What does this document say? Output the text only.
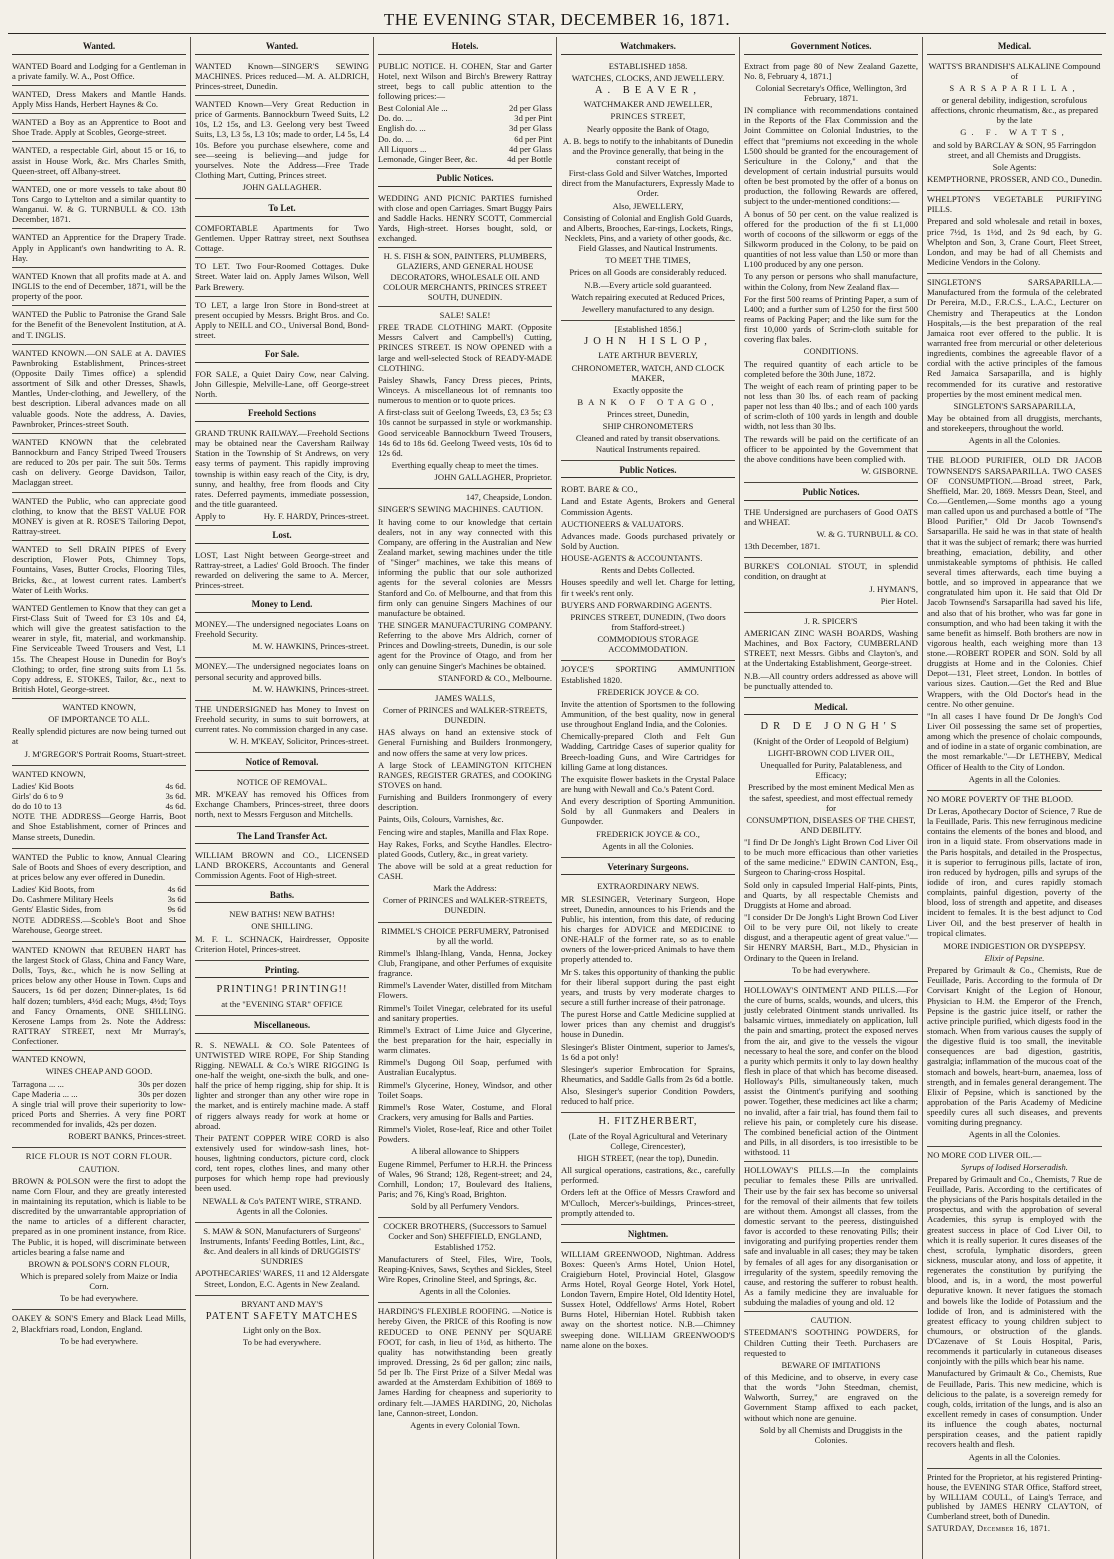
THE EVENING STAR, DECEMBER 16, 1871.
Wanted.
WANTED Board and Lodging for a Gentleman in a private family. W. A., Post Office.
WANTED, Dress Makers and Mantle Hands. Apply Miss Hands, Herbert Haynes & Co.
WANTED a Boy as an Apprentice to Boot and Shoe Trade. Apply at Scobles, George-street.
WANTED, a respectable Girl, about 15 or 16, to assist in House Work, &c. Mrs Charles Smith, Queen-street, off Albany-street.
WANTED, one or more vessels to take about 80 Tons Cargo to Lyttelton and a similar quantity to Wanganui. W. & G. TURNBULL & CO. 13th December, 1871.
WANTED an Apprentice for the Drapery Trade. Apply in Applicant's own handwriting to A. R. Hay.
WANTED Known that all profits made at A. and INGLIS to the end of December, 1871, will be the property of the poor.
WANTED the Public to Patronise the Grand Sale for the Benefit of the Benevolent Institution, at A. and T. INGLIS.
WANTED KNOWN.—ON SALE at A. DAVIES Pawnbroking Establishment, Princes-street (Opposite Daily Times office) a splendid assortment of Silk and other Dresses, Shawls, Mantles, Under-clothing, and Jewellery, of the best description. Liberal advances made on all valuable goods. Note the address, A. Davies, Pawnbroker, Princes-street South.
WANTED KNOWN that the celebrated Bannockburn and Fancy Striped Tweed Trousers are reduced to 20s per pair. The suit 50s. Terms cash on delivery. George Davidson, Tailor, Maclaggan street.
WANTED the Public, who can appreciate good clothing, to know that the BEST VALUE FOR MONEY is given at R. ROSE'S Tailoring Depot, Rattray-street.
WANTED to Sell DRAIN PIPES of Every description, Flower Pots, Chimney Tops, Fountains, Vases, Butter Crocks, Flooring Tiles, Bricks, &c., at lowest current rates. Lambert's Water of Leith Works.
WANTED Gentlemen to Know that they can get a First-Class Suit of Tweed for £3 10s and £4, which will give the greatest satisfaction to the wearer in style, fit, material, and workmanship. Fine Serviceable Tweed Trousers and Vest, L1 15s. The Cheapest House in Dunedin for Boy's Clothing; to order, fine strong suits from L1 5s. Copy address, E. STOKES, Tailor, &c., next to British Hotel, George-street.

WANTED KNOWN,

OF IMPORTANCE TO ALL.

Really splendid pictures are now being turned out at

J. M'GREGOR'S Portrait Rooms, Stuart-street.

WANTED KNOWN,

Ladies' Kid Boots	4s 6d.
Girls' do 6 to 9	3s 6d.
do do 10 to 13	4s 6d.

NOTE THE ADDRESS—George Harris, Boot and Shoe Establishment, corner of Princes and Manse streets, Dunedin.

WANTED the Public to know, Annual Clearing Sale of Boots and Shoes of every description, and at prices below any ever offered in Dunedin.

Ladies' Kid Boots, from	4s 6d
Do. Cashmere Military Heels	3s 6d
Gents' Elastic Sides, from	9s 6d

NOTE ADDRESS.—Scoble's Boot and Shoe Warehouse, George street.

WANTED KNOWN that REUBEN HART has the largest Stock of Glass, China and Fancy Ware, Dolls, Toys, &c., which he is now Selling at prices below any other House in Town. Cups and Saucers, 1s 6d per dozen; Dinner-plates, 1s 6d half dozen; tumblers, 4½d each; Mugs, 4½d; Toys and Fancy Ornaments, ONE SHILLING. Kerosene Lamps from 2s. Note the Address: RATTRAY STREET, next Mr Murray's, Confectioner.

WANTED KNOWN,

WINES CHEAP AND GOOD.

Tarragona ... ...	30s per dozen
Cape Maderia ... ...	30s per dozen

A single trial will prove their superiority to low-priced Ports and Sherries. A very fine PORT recommended for invalids, 42s per dozen.

ROBERT BANKS, Princes-street.

RICE FLOUR IS NOT CORN FLOUR.

CAUTION.

BROWN & POLSON were the first to adopt the name Corn Flour, and they are greatly interested in maintaining its reputation, which is liable to be discredited by the unwarrantable appropriation of the name to articles of a different character, prepared as in one prominent instance, from Rice. The Public, it is hoped, will discriminate between articles bearing a false name and

BROWN & POLSON'S CORN FLOUR,

Which is prepared solely from Maize or India Corn.

To be had everywhere.

OAKEY & SON'S Emery and Black Lead Mills, 2, Blackfriars road, London, England.

To be had everywhere.

Wanted.
WANTED Known—SINGER'S SEWING MACHINES. Prices reduced—M. A. ALDRICH, Princes-street, Dunedin.

WANTED Known—Very Great Reduction in price of Garments. Bannockburn Tweed Suits, L2 10s, L2 15s, and L3. Geelong very best Tweed Suits, L3, L3 5s, L3 10s; made to order, L4 5s, L4 10s. Before you purchase elsewhere, come and see—seeing is believing—and judge for yourselves. Note the Address—Free Trade Clothing Mart, Cutting, Princes street.

JOHN GALLAGHER.

To Let.
COMFORTABLE Apartments for Two Gentlemen. Upper Rattray street, next Southsea Cottage.
TO LET. Two Four-Roomed Cottages. Duke Street. Water laid on. Apply James Wilson, Well Park Brewery.
TO LET, a large Iron Store in Bond-street at present occupied by Messrs. Bright Bros. and Co. Apply to NEILL and CO., Universal Bond, Bond-street.
For Sale.
FOR SALE, a Quiet Dairy Cow, near Calving. John Gillespie, Melville-Lane, off George-street North.
Freehold Sections

GRAND TRUNK RAILWAY.—Freehold Sections may be obtained near the Caversham Railway Station in the Township of St Andrews, on very easy terms of payment. This rapidly improving township is within easy reach of the City, is dry, sunny, and healthy, free from floods and City rates. Deferred payments, immediate possession, and the title guaranteed.

Apply to	Hy. F. HARDY, Princes-street.
Lost.
LOST, Last Night between George-street and Rattray-street, a Ladies' Gold Brooch. The finder rewarded on delivering the same to A. Mercer, Princes-street.
Money to Lend.

MONEY.—The undersigned negociates Loans on Freehold Security.

M. W. HAWKINS, Princes-street.

MONEY.—The undersigned negociates loans on personal security and approved bills.

M. W. HAWKINS, Princes-street.

THE UNDERSIGNED has Money to Invest on Freehold security, in sums to suit borrowers, at current rates. No commission charged in any case.

W. H. M'KEAY, Solicitor, Princes-street.

Notice of Removal.

NOTICE OF REMOVAL.

MR. M'KEAY has removed his Offices from Exchange Chambers, Princes-street, three doors north, next to Messrs Ferguson and Mitchells.

The Land Transfer Act.
WILLIAM BROWN and CO., LICENSED LAND BROKERS, Accountants and General Commission Agents. Foot of High-street.
Baths.

NEW BATHS! NEW BATHS!

ONE SHILLING.

M. F. L. SCHNACK, Hairdresser, Opposite Criterion Hotel, Princes-street.

Printing.

PRINTING! PRINTING!!

at the "EVENING STAR" OFFICE

Miscellaneous.

R. S. NEWALL & CO. Sole Patentees of UNTWISTED WIRE ROPE, For Ship Standing Rigging. NEWALL & Co.'s WIRE RIGGING Is one-half the weight, one-sixth the bulk, and one-half the price of hemp rigging, ship for ship. It is lighter and stronger than any other wire rope in the market, and is entirely machine made. A staff of riggers always ready for work at home or abroad.

Their PATENT COPPER WIRE CORD is also extensively used for window-sash lines, hot-houses, lightning conductors, picture cord, clock cord, tent ropes, clothes lines, and many other purposes for which hemp rope had previously been used.

NEWALL & Co's PATENT WIRE, STRAND. Agents in all the Colonies.

S. MAW & SON, Manufacturers of Surgeons' Instruments, Infants' Feeding Bottles, Lint, &c., &c. And dealers in all kinds of DRUGGISTS' SUNDRIES

APOTHECARIES' WARES, 11 and 12 Aldersgate Street, London, E.C. Agents in New Zealand.

BRYANT AND MAY'S

PATENT SAFETY MATCHES

Light only on the Box.

To be had everywhere.

Hotels.

PUBLIC NOTICE. H. COHEN, Star and Garter Hotel, next Wilson and Birch's Brewery Rattray street, begs to call public attention to the following prices:—

Best Colonial Ale ...	2d per Glass
Do. do. ...	3d per Pint
English do. ...	3d per Glass
Do. do. ...	6d per Pint
All Liquors ...	4d per Glass
Lemonade, Ginger Beer, &c.	4d per Bottle
Public Notices.
WEDDING AND PICNIC PARTIES furnished with close and open Carriages. Smart Buggy Pairs and Saddle Hacks. HENRY SCOTT, Commercial Yards, High-street. Horses bought, sold, or exchanged.
H. S. FISH & SON, PAINTERS, PLUMBERS, GLAZIERS, AND GENERAL HOUSE DECORATORS, WHOLESALE OIL AND COLOUR MERCHANTS, PRINCES STREET SOUTH, DUNEDIN.

SALE! SALE!

FREE TRADE CLOTHING MART. (Opposite Messrs Calvert and Campbell's) Cutting, PRINCES STREET. IS NOW OPENED with a large and well-selected Stock of READY-MADE CLOTHING.

Paisley Shawls, Fancy Dress pieces, Prints, Winceys. A miscellaneous lot of remnants too numerous to mention or to quote prices.

A first-class suit of Geelong Tweeds, £3, £3 5s; £3 10s cannot be surpassed in style or workmanship. Good serviceable Bannockburn Tweed Trousers, 14s 6d to 18s 6d. Geelong Tweed vests, 10s 6d to 12s 6d.

Everthing equally cheap to meet the times.

JOHN GALLAGHER, Proprietor.

147, Cheapside, London.

SINGER'S SEWING MACHINES. CAUTION.

It having come to our knowledge that certain dealers, not in any way connected with this Company, are offering in the Australian and New Zealand market, sewing machines under the title of "Singer" machines, we take this means of informing the public that our sole authorized agents for the several colonies are Messrs Stanford and Co. of Melbourne, and that from this firm only can genuine Singers Machines of our manufacture be obtained.

THE SINGER MANUFACTURING COMPANY. Referring to the above Mrs Aldrich, corner of Princes and Dowling-streets, Dunedin, is our sole agent for the Province of Otago, and from her only can genuine Singer's Machines be obtained.

STANFORD & CO., Melbourne.

JAMES WALLS,

Corner of PRINCES and WALKER-STREETS, DUNEDIN.

HAS always on hand an extensive stock of General Furnishing and Builders Ironmongery, and now offers the same at very low prices.

A large Stock of LEAMINGTON KITCHEN RANGES, REGISTER GRATES, and COOKING STOVES on hand.

Furnishing and Builders Ironmongery of every description.

Paints, Oils, Colours, Varnishes, &c.

Fencing wire and staples, Manilla and Flax Rope.

Hay Rakes, Forks, and Scythe Handles. Electro-plated Goods, Cutlery, &c., in great variety.

The above will be sold at a great reduction for CASH.

Mark the Address:

Corner of PRINCES and WALKER-STREETS, DUNEDIN.

RIMMEL'S CHOICE PERFUMERY, Patronised by all the world.

Rimmel's Ihlang-Ihlang, Vanda, Henna, Jockey Club, Frangipane, and other Perfumes of exquisite fragrance.

Rimmel's Lavender Water, distilled from Mitcham Flowers.

Rimmel's Toilet Vinegar, celebrated for its useful and sanitary properties.

Rimmel's Extract of Lime Juice and Glycerine, the best preparation for the hair, especially in warm climates.

Rimmel's Dugong Oil Soap, perfumed with Australian Eucalyptus.

Rimmel's Glycerine, Honey, Windsor, and other Toilet Soaps.

Rimmel's Rose Water, Costume, and Floral Crackers, very amusing for Balls and Parties.

Rimmel's Violet, Rose-leaf, Rice and other Toilet Powders.

A liberal allowance to Shippers

Eugene Rimmel, Perfumer to H.R.H. the Princess of Wales, 96 Strand; 128, Regent-street; and 24, Cornhill, London; 17, Boulevard des Italiens, Paris; and 76, King's Road, Brighton.

Sold by all Perfumery Vendors.

COCKER BROTHERS, (Successors to Samuel Cocker and Son) SHEFFIELD, ENGLAND, Established 1752.

Manufacturers of Steel, Files, Wire, Tools, Reaping-Knives, Saws, Scythes and Sickles, Steel Wire Ropes, Crinoline Steel, and Springs, &c.

Agents in all the Colonies.

HARDING'S FLEXIBLE ROOFING. —Notice is hereby Given, the PRICE of this Roofing is now REDUCED to ONE PENNY per SQUARE FOOT, for cash, in lieu of 1½d, as hitherto. The quality has notwithstanding been greatly improved. Dressing, 2s 6d per gallon; zinc nails, 5d per lb. The First Prize of a Silver Medal was awarded at the Amsterdam Exhibition of 1869 to James Harding for cheapness and superiority to ordinary felt.—JAMES HARDING, 20, Nicholas lane, Cannon-street, London.

Agents in every Colonial Town.

Watchmakers.

ESTABLISHED 1858.

WATCHES, CLOCKS, AND JEWELLERY.

A. BEAVER,

WATCHMAKER AND JEWELLER,

PRINCES STREET,

Nearly opposite the Bank of Otago,

A. B. begs to notify to the inhabitants of Dunedin and the Province generally, that being in the constant receipt of

First-class Gold and Silver Watches, Imported direct from the Manufacturers, Expressly Made to Order.

Also, JEWELLERY,

Consisting of Colonial and English Gold Guards, and Alberts, Brooches, Ear-rings, Lockets, Rings, Necklets, Pins, and a variety of other goods, &c. Field Glasses, and Nautical Instruments.

TO MEET THE TIMES,

Prices on all Goods are considerably reduced.

N.B.—Every article sold guaranteed.

Watch repairing executed at Reduced Prices,

Jewellery manufactured to any design.

[Established 1856.]

JOHN HISLOP,

LATE ARTHUR BEVERLY,

CHRONOMETER, WATCH, AND CLOCK MAKER,

Exactly opposite the

BANK OF OTAGO,

Princes street, Dunedin,

SHIP CHRONOMETERS

Cleaned and rated by transit observations. Nautical Instruments repaired.

Public Notices.

ROBT. BARE & CO.,

Land and Estate Agents, Brokers and General Commission Agents.

AUCTIONEERS & VALUATORS.

Advances made. Goods purchased privately or Sold by Auction.

HOUSE-AGENTS & ACCOUNTANTS.

Rents and Debts Collected.

Houses speedily and well let. Charge for letting, fir t week's rent only.

BUYERS AND FORWARDING AGENTS.

PRINCES STREET, DUNEDIN, (Two doors from Stafford-street.)

COMMODIOUS STORAGE ACCOMMODATION.

JOYCE'S SPORTING AMMUNITION Established 1820.

FREDERICK JOYCE & CO.

Invite the attention of Sportsmen to the following Ammunition, of the best quality, now in general use throughout England India, and the Colonies.

Chemically-prepared Cloth and Felt Gun Wadding, Cartridge Cases of superior quality for Breech-loading Guns, and Wire Cartridges for killing Game at long distances.

The exquisite flower baskets in the Crystal Palace are hung with Newall and Co.'s Patent Cord.

And every description of Sporting Ammunition. Sold by all Gunmakers and Dealers in Gunpowder.

FREDERICK JOYCE & CO.,

Agents in all the Colonies.

Veterinary Surgeons.

EXTRAORDINARY NEWS.

MR SLESINGER, Veterinary Surgeon, Hope street, Dunedin, announces to his Friends and the Public, his intention, from this date, of reducing his charges for ADVICE and MEDICINE to ONE-HALF of the former rate, so as to enable owners of the lower-priced Animals to have them properly attended to.

Mr S. takes this opportunity of thanking the public for their liberal support during the past eight years, and trusts by very moderate charges to secure a still further increase of their patronage.

The purest Horse and Cattle Medicine supplied at lower prices than any chemist and druggist's house in Dunedin.

Slesinger's Blister Ointment, superior to James's, 1s 6d a pot only!

Slesinger's superior Embrocation for Sprains, Rheumatics, and Saddle Galls from 2s 6d a bottle.

Also, Slesinger's superior Condition Powders, reduced to half price.

H. FITZHERBERT,

(Late of the Royal Agricultural and Veterinary College, Cirencester),

HIGH STREET, (near the top), Dunedin.

All surgical operations, castrations, &c., carefully performed.

Orders left at the Office of Messrs Crawford and M'Culloch, Mercer's-buildings, Princes-street, promptly attended to.

Nightmen.
WILLIAM GREENWOOD, Nightman. Address Boxes: Queen's Arms Hotel, Union Hotel, Craigieburn Hotel, Provincial Hotel, Glasgow Arms Hotel, Royal George Hotel, York Hotel, London Tavern, Empire Hotel, Old Identity Hotel, Sussex Hotel, Oddfellows' Arms Hotel, Robert Burns Hotel, Hibernian Hotel. Rubbish taken away on the shortest notice. N.B.—Chimney sweeping done. WILLIAM GREENWOOD'S name alone on the boxes.
Government Notices.

Extract from page 80 of New Zealand Gazette, No. 8, February 4, 1871.]

Colonial Secretary's Office, Wellington, 3rd February, 1871.

IN compliance with recommendations contained in the Reports of the Flax Commission and the Joint Committee on Colonial Industries, to the effect that "premiums not exceeding in the whole L500 should be granted for the encouragement of Sericulture in the Colony," and that the development of certain industrial pursuits would often be best promoted by the offer of a bonus on production, the following Rewards are offered, subject to the under-mentioned conditions:—

A bonus of 50 per cent. on the value realized is offered for the production of the fi st L1,000 worth of cocoons of the silkworm or eggs of the Silkworm produced in the Colony, to be paid on quantities of not less value than L50 or more than L100 produced by any one person.

To any person or persons who shall manufacture, within the Colony, from New Zealand flax—

For the first 500 reams of Printing Paper, a sum of L400; and a further sum of L250 for the first 500 reams of Packing Paper; and the like sum for the first 10,000 yards of Scrim-cloth suitable for covering flax bales.

CONDITIONS.

The required quantity of each article to be completed before the 30th June, 1872.

The weight of each ream of printing paper to be not less than 30 lbs. of each ream of packing paper not less than 40 lbs.; and of each 100 yards of scrim-cloth of 100 yards in length and double width, not less than 30 lbs.

The rewards will be paid on the certificate of an officer to be appointed by the Government that the above conditions have been complied with.

W. GISBORNE.

Public Notices.

THE Undersigned are purchasers of Good OATS and WHEAT.

W. & G. TURNBULL & CO.

13th December, 1871.

BURKE'S COLONIAL STOUT, in splendid condition, on draught at

J. HYMAN'S,

Pier Hotel.

J. R. SPICER'S

AMERICAN ZINC WASH BOARDS, Washing Machines, and Box Factory, CUMBERLAND STREET, next Messrs. Gibbs and Clayton's, and at the Undertaking Establishment, George-street.

N.B.—All country orders addressed as above will be punctually attended to.

Medical.

DR DE JONGH'S

(Knight of the Order of Leopold of Belgium)

LIGHT-BROWN COD LIVER OIL,

Unequalled for Purity, Palatableness, and Efficacy;

Prescribed by the most eminent Medical Men as the safest, speediest, and most effectual remedy for

CONSUMPTION, DISEASES OF THE CHEST, AND DEBILITY.

"I find Dr De Jongh's Light Brown Cod Liver Oil to be much more efficacious than other varieties of the same medicine." EDWIN CANTON, Esq., Surgeon to Charing-cross Hospital.

Sold only in capsuled Imperial Half-pints, Pints, and Quarts, by all respectable Chemists and Druggists at Home and abroad.

"I consider Dr De Jongh's Light Brown Cod Liver Oil to be very pure Oil, not likely to create disgust, and a therapeutic agent of great value."—Sir HENRY MARSH, Bart., M.D., Physician in Ordinary to the Queen in Ireland.

To be had everywhere.

HOLLOWAY'S OINTMENT AND PILLS.—For the cure of burns, scalds, wounds, and ulcers, this justly celebrated Ointment stands unrivalled. Its balsamic virtues, immediately on application, lull the pain and smarting, protect the exposed nerves from the air, and give to the vessels the vigour necessary to heal the sore, and confer on the blood a purity which permits it only to lay down healthy flesh in place of that which has become diseased. Holloway's Pills, simultaneously taken, much assist the Ointment's purifying and soothing power. Together, these medicines act like a charm; no invalid, after a fair trial, has found them fail to relieve his pain, or completely cure his disease. The combined beneficial action of the Ointment and Pills, in all disorders, is too irresistible to be withstood. 11
HOLLOWAY'S PILLS.—In the complaints peculiar to females these Pills are unrivalled. Their use by the fair sex has become so universal for the removal of their ailments that few toilets are without them. Amongst all classes, from the domestic servant to the peeress, distinguished favor is accorded to these renovating Pills; their invigorating and purifying properties render them safe and invaluable in all cases; they may be taken by females of all ages for any disorganisation or irregularity of the system, speedily removing the cause, and restoring the sufferer to robust health. As a family medicine they are invaluable for subduing the maladies of young and old. 12

CAUTION.

STEEDMAN'S SOOTHING POWDERS, for Children Cutting their Teeth. Purchasers are requested to

BEWARE OF IMITATIONS

of this Medicine, and to observe, in every case that the words "John Steedman, chemist, Walworth, Surrey," are engraved on the Government Stamp affixed to each packet, without which none are genuine.

Sold by all Chemists and Druggists in the Colonies.

Medical.

WATTS'S BRANDISH'S ALKALINE Compound of

SARSAPARILLA,

or general debility, indigestion, scrofulous affections, chronic rheumatism, &c., as prepared by the late

G. F. WATTS,

and sold by BARCLAY & SON, 95 Farringdon street, and all Chemists and Druggists.

Sole Agents:

KEMPTHORNE, PROSSER, AND CO., Dunedin.

WHELPTON'S VEGETABLE PURIFYING PILLS.

Prepared and sold wholesale and retail in boxes, price 7½d, 1s 1½d, and 2s 9d each, by G. Whelpton and Son, 3, Crane Court, Fleet Street, London, and may be had of all Chemists and Medicine Vendors in the Colony.

SINGLETON'S SARSAPARILLA.—Manufactured from the formula of the celebrated Dr Pereira, M.D., F.R.C.S., L.A.C., Lecturer on Chemistry and Therapeutics at the London Hospitals,—is the best preparation of the real Jamaica root ever offered to the public. It is warranted free from mercurial or other deleterious ingredients, combines the agreeable flavor of a cordial with the active principles of the famous Red Jamaica Sarsaparilla, and is highly recommended for its curative and restorative properties by the most eminent medical men.

SINGLETON'S SARSAPARILLA,

May be obtained from all druggists, merchants, and storekeepers, throughout the world.

Agents in all the Colonies.

THE BLOOD PURIFIER, OLD DR JACOB TOWNSEND'S SARSAPARILLA. TWO CASES OF CONSUMPTION.—Broad street, Park, Sheffield, Mar. 20, 1869. Messrs Dean, Steel, and Co.—Gentlemen,—Some months ago a young man called upon us and purchased a bottle of "The Blood Purifier," Old Dr Jacob Townsend's Sarsaparilla. He said he was in that state of health that it was the subject of remark; there was hurried breathing, emaciation, debility, and other unmistakeable symptoms of phthisis. He called several times afterwards, each time buying a bottle, and so improved in appearance that we congratulated him upon it. He said that Old Dr Jacob Townsend's Sarsaparilla had saved his life, and also that of his brother, who was far gone in consumption, and who had been taking it with the same benefit as himself. Both brothers are now in vigorous health, each weighing more than 13 stone.—ROBERT ROPER and SON. Sold by all druggists at Home and in the Colonies. Chief Depot—131, Fleet street, London. In bottles of various sizes. Caution.—Get the Red and Blue Wrappers, with the Old Doctor's head in the centre. No other genuine.

"In all cases I have found Dr De Jongh's Cod Liver Oil possessing the same set of properties, among which the presence of cholaic compounds, and of iodine in a state of organic combination, are the most remarkable."—Dr LETHEBY, Medical Officer of Health to the City of London.

Agents in all the Colonies.

NO MORE POVERTY OF THE BLOOD.

Dr Leras, Apothecary Doctor of Science, 7 Rue de la Feuillade, Paris. This new ferruginous medicine contains the elements of the bones and blood, and iron in a liquid state. From observations made in the Paris hospitals, and detailed in the Prospectus, it is superior to ferruginous pills, lactate of iron, iron reduced by hydrogen, pills and syrups of the iodide of iron, and cures rapidly stomach complaints, painful digestion, poverty of the blood, loss of strength and appetite, and diseases incident to females. It is the best adjunct to Cod Liver Oil, and the best preserver of health in tropical climates.

MORE INDIGESTION OR DYSPEPSY.

Elixir of Pepsine.

Prepared by Grimault & Co., Chemists, Rue de Feuillade, Paris. According to the formula of Dr Corvisart Knight of the Legion of Honour, Physician to H.M. the Emperor of the French, Pepsine is the gastric juice itself, or rather the active principle purified, which digests food in the stomach. When from various causes the supply of the digestive fluid is too small, the inevitable consequences are bad digestion, gastritis, gastralgia; inflammation of the mucous coat of the stomach and bowels, heart-burn, anaemea, loss of strength, and in females general derangement. The Elixir of Pepsine, which is sanctioned by the approbation of the Paris Academy of Medicine speedily cures all such diseases, and prevents vomiting during pregnancy.

Agents in all the Colonies.

NO MORE COD LIVER OIL.—

Syrups of Iodised Horseradish.

Prepared by Grimault and Co., Chemists, 7 Rue de Feuillade, Paris. According to the certificates of the physicians of the Paris hospitals detailed in the prospectus, and with the approbation of several Academies, this syrup is employed with the greatest success in place of Cod Liver Oil, to which it is really superior. It cures diseases of the chest, scrofula, lymphatic disorders, green sickness, muscular atony, and loss of appetite, it regenerates the constitution by purifying the blood, and is, in a word, the most powerful depurative known. It never fatigues the stomach and bowels like the Iodide of Potassium and the Iodide of Iron, and is administered with the greatest efficacy to young children subject to chumours, or obstruction of the glands. D'Cazenave of St Louis Hospital, Paris, recommends it particularly in cutaneous diseases conjointly with the pills which bear his name.

Manufactured by Grimault & Co., Chemists, Rue de Feuillade, Paris. This new medicine, which is delicious to the palate, is a sovereign remedy for cough, colds, irritation of the lungs, and is also an excellent remedy in cases of consumption. Under its influence the cough abates, nocturnal perspiration ceases, and the patient rapidly recovers health and flesh.

Agents in all the Colonies.

Printed for the Proprietor, at his registered Printing-house, the EVENING STAR Office, Stafford street, by WILLIAM COULL, of Laing's Terrace, and published by JAMES HENRY CLAYTON, of Cumberland street, both of Dunedin.

SATURDAY, December 16, 1871.
